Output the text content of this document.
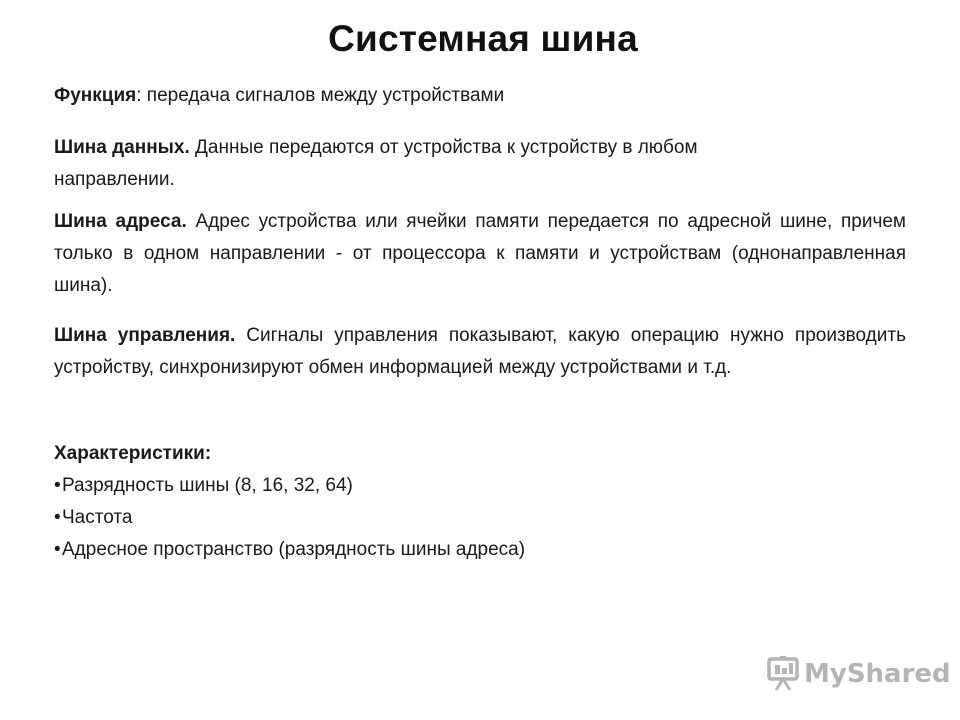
Системная шина
Функция: передача сигналов между устройствами
Шина данных. Данные передаются от устройства к устройству в любом направлении.
Шина адреса. Адрес устройства или ячейки памяти передается по адресной шине, причем только в одном направлении - от процессора к памяти и устройствам (однонаправленная шина).
Шина управления. Сигналы управления показывают, какую операцию нужно производить устройству, синхронизируют обмен информацией между устройствами и т.д.
Характеристики:
•Разрядность шины (8, 16, 32, 64)
•Частота
•Адресное пространство (разрядность шины адреса)
MyShared
